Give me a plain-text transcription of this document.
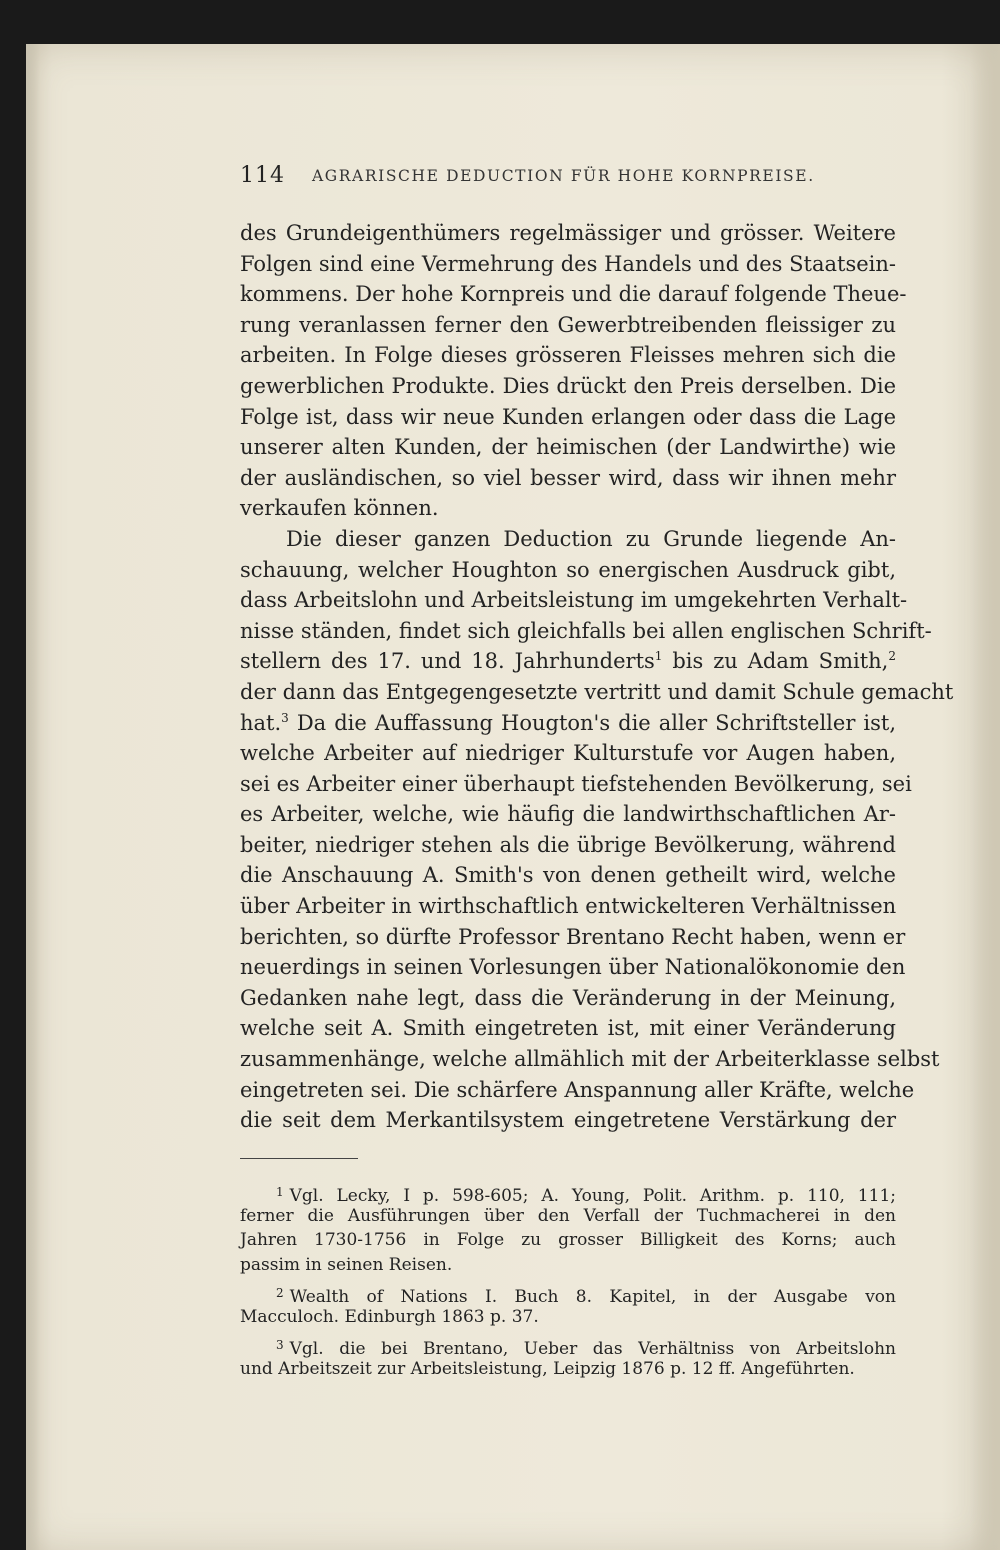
114 AGRARISCHE DEDUCTION FÜR HOHE KORNPREISE.
des Grundeigenthümers regelmässiger und grösser. Weitere
Folgen sind eine Vermehrung des Handels und des Staatsein-
kommens. Der hohe Kornpreis und die darauf folgende Theue-
rung veranlassen ferner den Gewerbtreibenden fleissiger zu
arbeiten. In Folge dieses grösseren Fleisses mehren sich die
gewerblichen Produkte. Dies drückt den Preis derselben. Die
Folge ist, dass wir neue Kunden erlangen oder dass die Lage
unserer alten Kunden, der heimischen (der Landwirthe) wie
der ausländischen, so viel besser wird, dass wir ihnen mehr
verkaufen können.
Die dieser ganzen Deduction zu Grunde liegende An-
schauung, welcher Houghton so energischen Ausdruck gibt,
dass Arbeitslohn und Arbeitsleistung im umgekehrten Verhalt-
nisse ständen, findet sich gleichfalls bei allen englischen Schrift-
stellern des 17. und 18. Jahrhunderts$^1$ bis zu Adam Smith,$^2$
der dann das Entgegengesetzte vertritt und damit Schule gemacht
hat.$^3$ Da die Auffassung Hougton's die aller Schriftsteller ist,
welche Arbeiter auf niedriger Kulturstufe vor Augen haben,
sei es Arbeiter einer überhaupt tiefstehenden Bevölkerung, sei
es Arbeiter, welche, wie häufig die landwirthschaftlichen Ar-
beiter, niedriger stehen als die übrige Bevölkerung, während
die Anschauung A. Smith's von denen getheilt wird, welche
über Arbeiter in wirthschaftlich entwickelteren Verhältnissen
berichten, so dürfte Professor Brentano Recht haben, wenn er
neuerdings in seinen Vorlesungen über Nationalökonomie den
Gedanken nahe legt, dass die Veränderung in der Meinung,
welche seit A. Smith eingetreten ist, mit einer Veränderung
zusammenhänge, welche allmählich mit der Arbeiterklasse selbst
eingetreten sei. Die schärfere Anspannung aller Kräfte, welche
die seit dem Merkantilsystem eingetretene Verstärkung der
$^1$ Vgl. Lecky, I p. 598-605; A. Young, Polit. Arithm. p. 110, 111;
ferner die Ausführungen über den Verfall der Tuchmacherei in den
Jahren 1730-1756 in Folge zu grosser Billigkeit des Korns; auch
passim in seinen Reisen.
$^2$ Wealth of Nations I. Buch 8. Kapitel, in der Ausgabe von
Macculoch. Edinburgh 1863 p. 37.
$^3$ Vgl. die bei Brentano, Ueber das Verhältniss von Arbeitslohn
und Arbeitszeit zur Arbeitsleistung, Leipzig 1876 p. 12 ff. Angeführten.
